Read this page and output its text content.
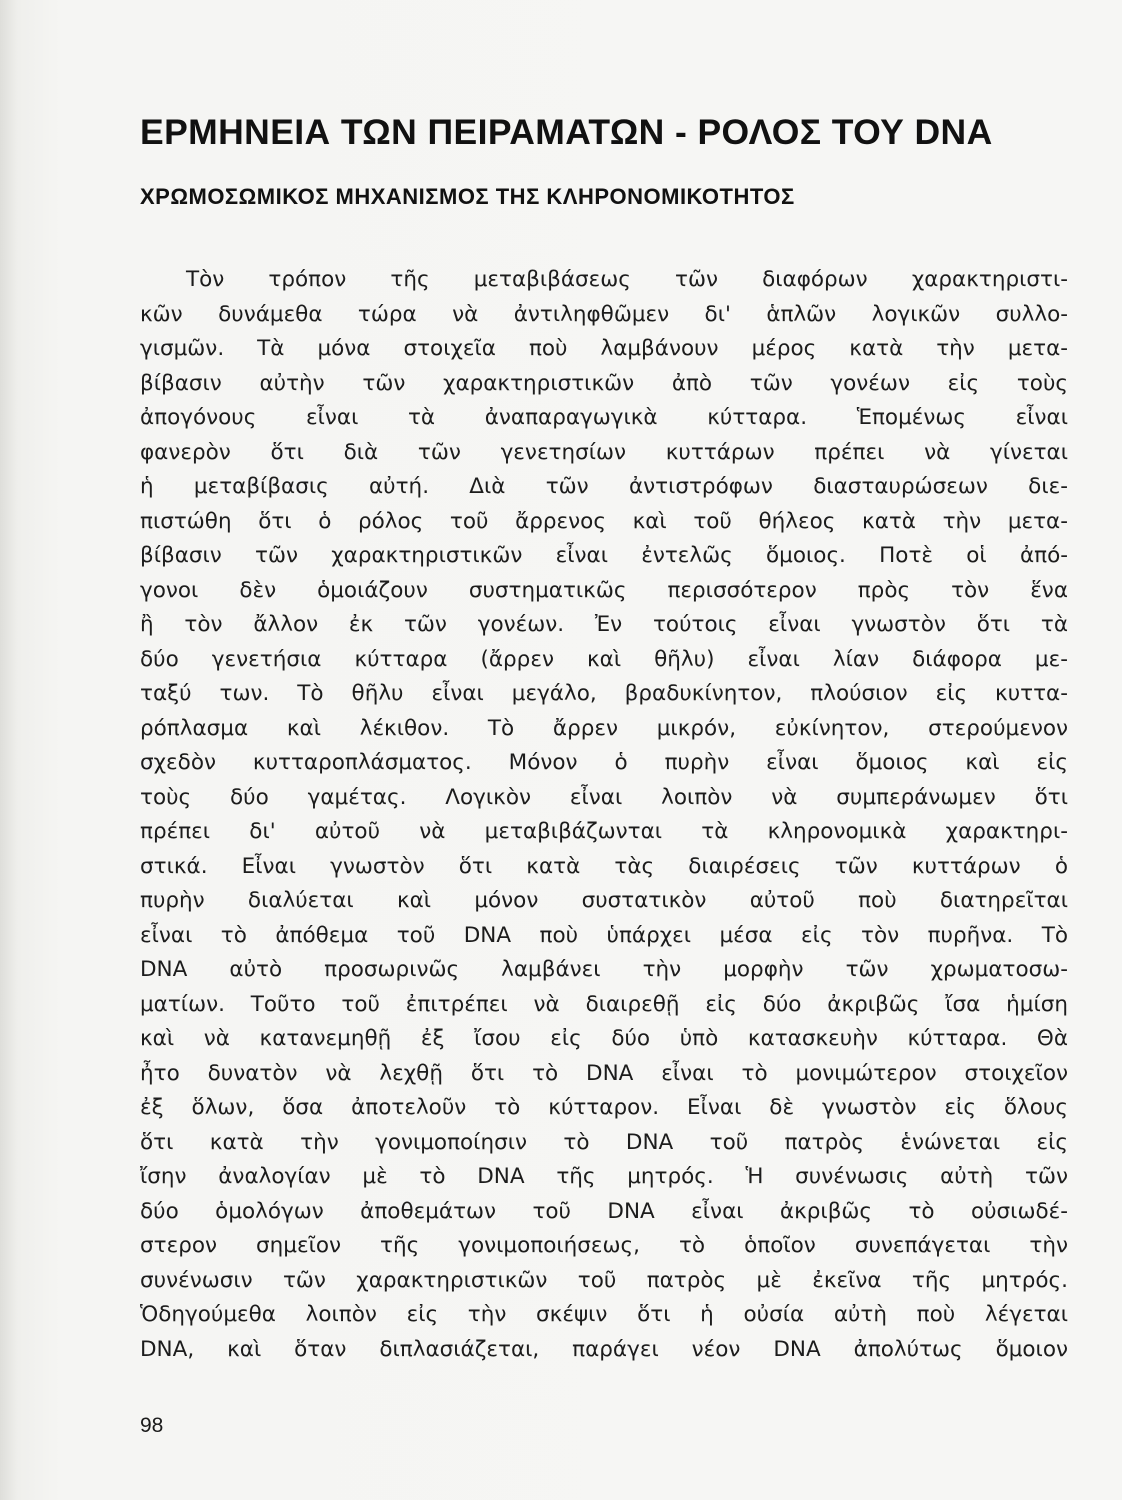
ΕΡΜΗΝΕΙΑ ΤΩΝ ΠΕΙΡΑΜΑΤΩΝ - ΡΟΛΟΣ ΤΟΥ DNA
ΧΡΩΜΟΣΩΜΙΚΟΣ ΜΗΧΑΝΙΣΜΟΣ ΤΗΣ ΚΛΗΡΟΝΟΜΙΚΟΤΗΤΟΣ
Τὸν τρόπον τῆς μεταβιβάσεως τῶν διαφόρων χαρακτηριστι-
κῶν δυνάμεθα τώρα νὰ ἀντιληφθῶμεν δι' ἁπλῶν λογικῶν συλλο-
γισμῶν. Τὰ μόνα στοιχεῖα ποὺ λαμβάνουν μέρος κατὰ τὴν μετα-
βίβασιν αὐτὴν τῶν χαρακτηριστικῶν ἀπὸ τῶν γονέων εἰς τοὺς
ἀπογόνους εἶναι τὰ ἀναπαραγωγικὰ κύτταρα. Ἑπομένως εἶναι
φανερὸν ὅτι διὰ τῶν γενετησίων κυττάρων πρέπει νὰ γίνεται
ἡ μεταβίβασις αὐτή. Διὰ τῶν ἀντιστρόφων διασταυρώσεων διε-
πιστώθη ὅτι ὁ ρόλος τοῦ ἄρρενος καὶ τοῦ θήλεος κατὰ τὴν μετα-
βίβασιν τῶν χαρακτηριστικῶν εἶναι ἐντελῶς ὅμοιος. Ποτὲ οἱ ἀπό-
γονοι δὲν ὁμοιάζουν συστηματικῶς περισσότερον πρὸς τὸν ἕνα
ἢ τὸν ἄλλον ἐκ τῶν γονέων. Ἐν τούτοις εἶναι γνωστὸν ὅτι τὰ
δύο γενετήσια κύτταρα (ἄρρεν καὶ θῆλυ) εἶναι λίαν διάφορα με-
ταξύ των. Τὸ θῆλυ εἶναι μεγάλο, βραδυκίνητον, πλούσιον εἰς κυττα-
ρόπλασμα καὶ λέκιθον. Τὸ ἄρρεν μικρόν, εὐκίνητον, στερούμενον
σχεδὸν κυτταροπλάσματος. Μόνον ὁ πυρὴν εἶναι ὅμοιος καὶ εἰς
τοὺς δύο γαμέτας. Λογικὸν εἶναι λοιπὸν νὰ συμπεράνωμεν ὅτι
πρέπει δι' αὐτοῦ νὰ μεταβιβάζωνται τὰ κληρονομικὰ χαρακτηρι-
στικά. Εἶναι γνωστὸν ὅτι κατὰ τὰς διαιρέσεις τῶν κυττάρων ὁ
πυρὴν διαλύεται καὶ μόνον συστατικὸν αὐτοῦ ποὺ διατηρεῖται
εἶναι τὸ ἀπόθεμα τοῦ DNA ποὺ ὑπάρχει μέσα εἰς τὸν πυρῆνα. Τὸ
DNA αὐτὸ προσωρινῶς λαμβάνει τὴν μορφὴν τῶν χρωματοσω-
ματίων. Τοῦτο τοῦ ἐπιτρέπει νὰ διαιρεθῇ εἰς δύο ἀκριβῶς ἴσα ἡμίση
καὶ νὰ κατανεμηθῇ ἐξ ἴσου εἰς δύο ὑπὸ κατασκευὴν κύτταρα. Θὰ
ἦτο δυνατὸν νὰ λεχθῇ ὅτι τὸ DNA εἶναι τὸ μονιμώτερον στοιχεῖον
ἐξ ὅλων, ὅσα ἀποτελοῦν τὸ κύτταρον. Εἶναι δὲ γνωστὸν εἰς ὅλους
ὅτι κατὰ τὴν γονιμοποίησιν τὸ DNA τοῦ πατρὸς ἑνώνεται εἰς
ἴσην ἀναλογίαν μὲ τὸ DNA τῆς μητρός. Ἡ συνένωσις αὐτὴ τῶν
δύο ὁμολόγων ἀποθεμάτων τοῦ DNA εἶναι ἀκριβῶς τὸ οὐσιωδέ-
στερον σημεῖον τῆς γονιμοποιήσεως, τὸ ὁποῖον συνεπάγεται τὴν
συνένωσιν τῶν χαρακτηριστικῶν τοῦ πατρὸς μὲ ἐκεῖνα τῆς μητρός.
Ὁδηγούμεθα λοιπὸν εἰς τὴν σκέψιν ὅτι ἡ οὐσία αὐτὴ ποὺ λέγεται
DNA, καὶ ὅταν διπλασιάζεται, παράγει νέον DNA ἀπολύτως ὅμοιον
98
